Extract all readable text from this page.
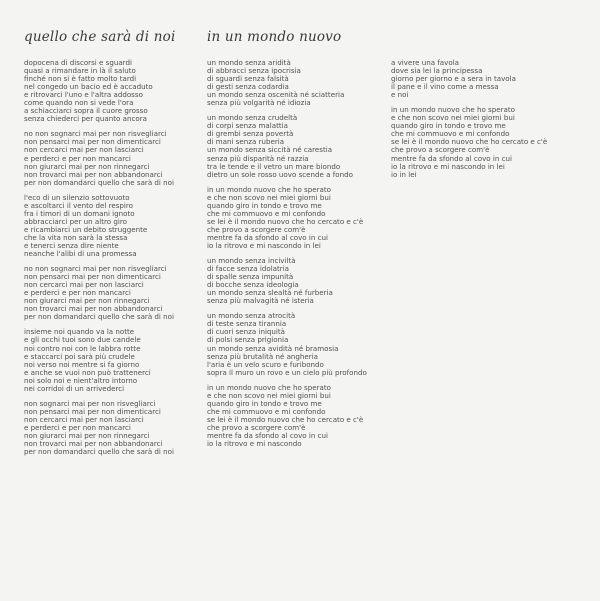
quello che sarà di noi in un mondo nuovo
dopocena di discorsi e sguardi
quasi a rimandare in là il saluto
finché non si è fatto molto tardi
nel congedo un bacio ed è accaduto
e ritrovarci l'uno e l'altra addosso
come quando non si vede l'ora
a schiacciarci sopra il cuore grosso
senza chiederci per quanto ancora
no non sognarci mai per non risvegliarci
non pensarci mai per non dimenticarci
non cercarci mai per non lasciarci
e perderci e per non mancarci
non giurarci mai per non rinnegarci
non trovarci mai per non abbandonarci
per non domandarci quello che sarà di noi
l'eco di un silenzio sottovuoto
e ascoltarci il vento del respiro
fra i timori di un domani ignoto
abbracciarci per un altro giro
e ricambiarci un debito struggente
che la vita non sarà la stessa
e tenerci senza dire niente
neanche l'alibi di una promessa
no non sognarci mai per non risvegliarci
non pensarci mai per non dimenticarci
non cercarci mai per non lasciarci
e perderci e per non mancarci
non giurarci mai per non rinnegarci
non trovarci mai per non abbandonarci
per non domandarci quello che sarà di noi
insieme noi quando va la notte
e gli occhi tuoi sono due candele
noi contro noi con le labbra rotte
e staccarci poi sarà più crudele
noi verso noi mentre si fa giorno
e anche se vuoi non può trattenerci
noi solo noi e nient'altro intorno
nei corridoi di un arrivederci
non sognarci mai per non risvegliarci
non pensarci mai per non dimenticarci
non cercarci mai per non lasciarci
e perderci e per non mancarci
non giurarci mai per non rinnegarci
non trovarci mai per non abbandonarci
per non domandarci quello che sarà di noi
un mondo senza aridità
di abbracci senza ipocrisia
di sguardi senza falsità
di gesti senza codardia
un mondo senza oscenità né sciatteria
senza più volgarità né idiozia
un mondo senza crudeltà
di corpi senza malattia
di grembi senza povertà
di mani senza ruberia
un mondo senza siccità né carestia
senza più disparità né razzia
tra le tende e il vetro un mare biondo
dietro un sole rosso uovo scende a fondo
in un mondo nuovo che ho sperato
e che non scovo nei miei giorni bui
quando giro in tondo e trovo me
che mi commuovo e mi confondo
se lei è il mondo nuovo che ho cercato e c'è
che provo a scorgere com'è
mentre fa da sfondo al covo in cui
io la ritrovo e mi nascondo in lei
un mondo senza inciviltà
di facce senza idolatria
di spalle senza impunità
di bocche senza ideologia
un mondo senza slealtà né furberia
senza più malvagità né isteria
un mondo senza atrocità
di teste senza tirannia
di cuori senza iniquità
di polsi senza prigionia
un mondo senza avidità né bramosia
senza più brutalità né angheria
l'aria è un velo scuro e furibondo
sopra il muro un rovo e un cielo più profondo
in un mondo nuovo che ho sperato
e che non scovo nei miei giorni bui
quando giro in tondo e trovo me
che mi commuovo e mi confondo
se lei è il mondo nuovo che ho cercato e c'è
che provo a scorgere com'è
mentre fa da sfondo al covo in cui
io la ritrovo e mi nascondo
a vivere una favola
dove sia lei la principessa
giorno per giorno e a sera in tavola
il pane e il vino come a messa
e noi
in un mondo nuovo che ho sperato
e che non scovo nei miei giorni bui
quando giro in tondo e trovo me
che mi commuovo e mi confondo
se lei è il mondo nuovo che ho cercato e c'è
che provo a scorgere com'è
mentre fa da sfondo al covo in cui
io la ritrovo e mi nascondo in lei
io in lei
